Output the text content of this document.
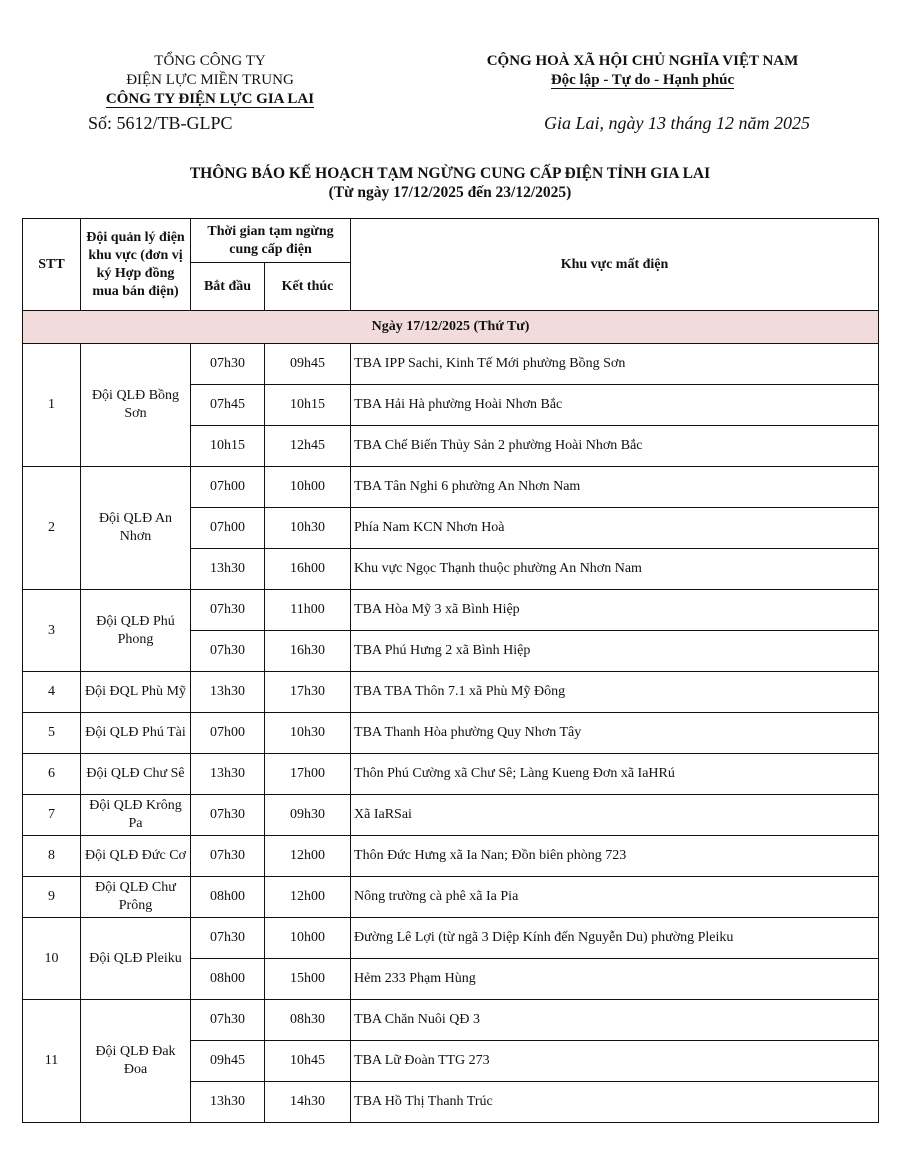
TỔNG CÔNG TY
ĐIỆN LỰC MIỀN TRUNG
CÔNG TY ĐIỆN LỰC GIA LAI
CỘNG HOÀ XÃ HỘI CHỦ NGHĨA VIỆT NAM
Độc lập - Tự do - Hạnh phúc
Số: 5612/TB-GLPC	Gia Lai, ngày 13 tháng 12 năm 2025
THÔNG BÁO KẾ HOẠCH TẠM NGỪNG CUNG CẤP ĐIỆN TỈNH GIA LAI
(Từ ngày 17/12/2025 đến 23/12/2025)
STT	Đội quản lý điện khu vực (đơn vị ký Hợp đồng mua bán điện)	Thời gian tạm ngừng cung cấp điện		Khu vực mất điện
		Bắt đầu	Kết thúc	
Ngày 17/12/2025 (Thứ Tư)				
1	Đội QLĐ Bồng Sơn	07h30	09h45	TBA IPP Sachi, Kinh Tế Mới phường Bồng Sơn
		07h45	10h15	TBA Hải Hà phường Hoài Nhơn Bắc
		10h15	12h45	TBA Chế Biến Thủy Sản 2 phường Hoài Nhơn Bắc
2	Đội QLĐ An Nhơn	07h00	10h00	TBA Tân Nghi 6 phường An Nhơn Nam
		07h00	10h30	Phía Nam KCN Nhơn Hoà
		13h30	16h00	Khu vực Ngọc Thạnh thuộc phường An Nhơn Nam
3	Đội QLĐ Phú Phong	07h30	11h00	TBA Hòa Mỹ 3 xã Bình Hiệp
		07h30	16h30	TBA Phú Hưng 2 xã Bình Hiệp
4	Đội ĐQL Phù Mỹ	13h30	17h30	TBA TBA Thôn 7.1 xã Phù Mỹ Đông
5	Đội QLĐ Phú Tài	07h00	10h30	TBA Thanh Hòa phường Quy Nhơn Tây
6	Đội QLĐ Chư Sê	13h30	17h00	Thôn Phú Cường xã Chư Sê; Làng Kueng Đơn xã IaHRú
7	Đội QLĐ Krông Pa	07h30	09h30	Xã IaRSai
8	Đội QLĐ Đức Cơ	07h30	12h00	Thôn Đức Hưng xã Ia Nan; Đồn biên phòng 723
9	Đội QLĐ Chư Prông	08h00	12h00	Nông trường cà phê xã Ia Pia
10	Đội QLĐ Pleiku	07h30	10h00	Đường Lê Lợi (từ ngã 3 Diệp Kính đến Nguyễn Du) phường Pleiku
		08h00	15h00	Hẻm 233 Phạm Hùng
11	Đội QLĐ Đak Đoa	07h30	08h30	TBA Chăn Nuôi QĐ 3
		09h45	10h45	TBA Lữ Đoàn TTG 273
		13h30	14h30	TBA Hồ Thị Thanh Trúc
